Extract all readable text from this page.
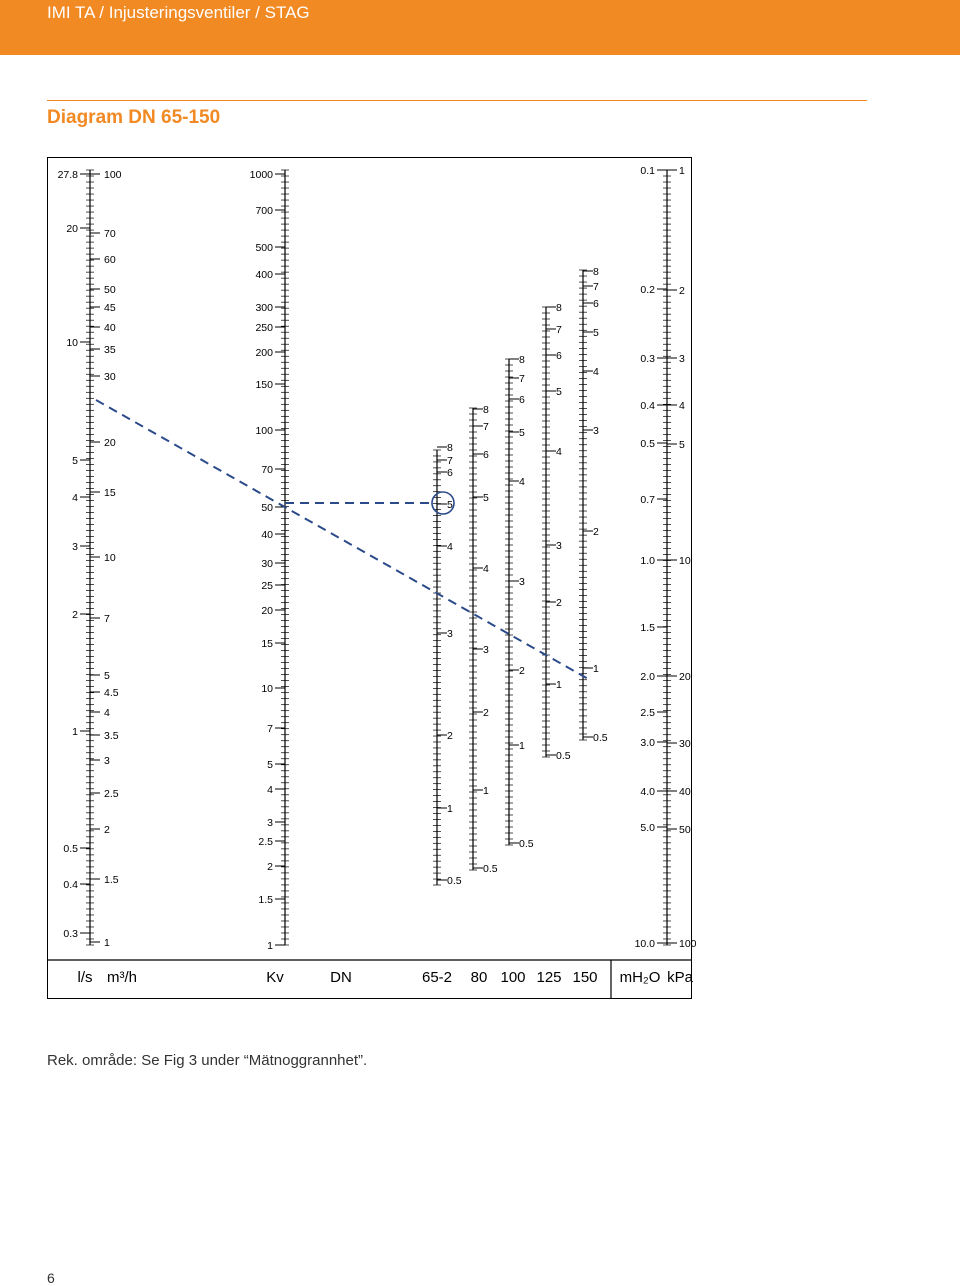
IMI TA / Injusteringsventiler / STAG
Diagram DN 65-150
27.8
20
10
5
4
3
2
1
0.5
0.4
0.3
100
70
60
50
45
40
35
30
20
15
10
7
5
4.5
4
3.5
3
2.5
2
1.5
1
1000
700
500
400
300
250
200
150
100
70
50
40
30
25
20
15
10
7
5
4
3
2.5
2
1.5
1
8
7
6
5
4
3
2
1
0.5
8
7
6
5
4
3
2
1
0.5
8
7
6
5
4
3
2
1
0.5
8
7
6
5
4
3
2
1
0.5
8
7
6
5
4
3
2
1
0.5
0.1
0.2
0.3
0.4
0.5
0.7
1.0
1.5
2.0
2.5
3.0
4.0
5.0
10.0
1
2
3
4
5
10
20
30
40
50
100
l/s m³/h	Kv	DN	65-2 80 100 125 150 mH₂O kPa
Rek. område: Se Fig 3 under “Mätnoggrannhet”.
6
